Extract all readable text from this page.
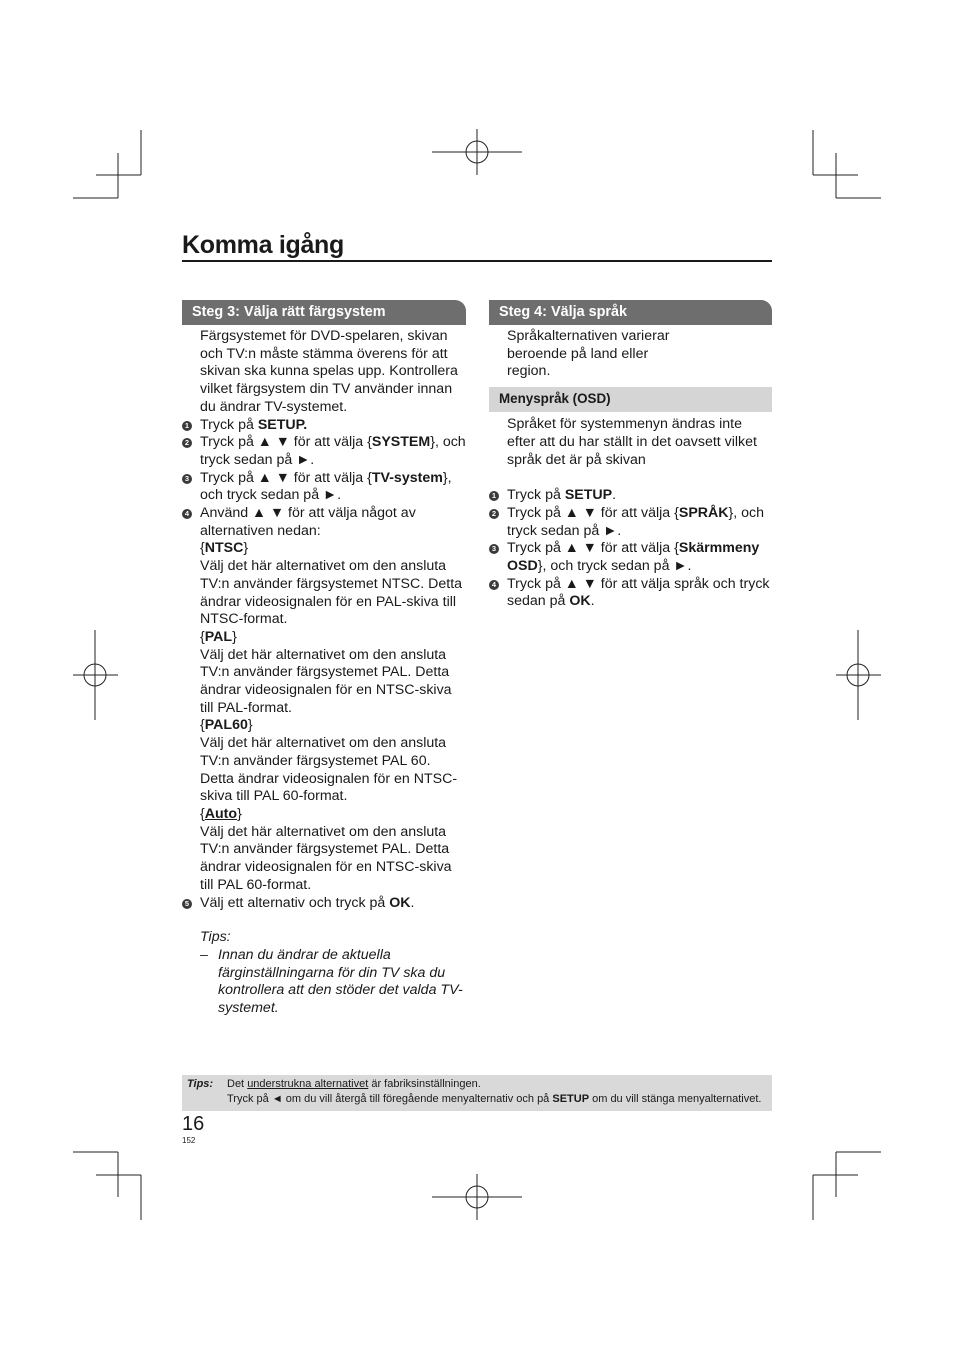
Komma igång
Steg 3: Välja rätt färgsystem
Färgsystemet för DVD-spelaren, skivan och TV:n måste stämma överens för att skivan ska kunna spelas upp. Kontrollera vilket färgsystem din TV använder innan du ändrar TV-systemet.
1 Tryck på SETUP.
2 Tryck på ▲ ▼ för att välja {SYSTEM}, och tryck sedan på ►.
3 Tryck på ▲ ▼ för att välja {TV-system}, och tryck sedan på ►.
4 Använd ▲ ▼ för att välja något av alternativen nedan:
{NTSC}
Välj det här alternativet om den ansluta TV:n använder färgsystemet NTSC. Detta ändrar videosignalen för en PAL-skiva till NTSC-format.
{PAL}
Välj det här alternativet om den ansluta TV:n använder färgsystemet PAL. Detta ändrar videosignalen för en NTSC-skiva till PAL-format.
{PAL60}
Välj det här alternativet om den ansluta TV:n använder färgsystemet PAL 60. Detta ändrar videosignalen för en NTSC-skiva till PAL 60-format.
{Auto}
Välj det här alternativet om den ansluta TV:n använder färgsystemet PAL. Detta ändrar videosignalen för en NTSC-skiva till PAL 60-format.
5 Välj ett alternativ och tryck på OK.
Tips:
– Innan du ändrar de aktuella färginställningarna för din TV ska du kontrollera att den stöder det valda TV-systemet.
Steg 4: Välja språk
Språkalternativen varierar beroende på land eller region.
Menyspråk (OSD)
Språket för systemmenyn ändras inte efter att du har ställt in det oavsett vilket språk det är på skivan
1 Tryck på SETUP.
2 Tryck på ▲ ▼ för att välja {SPRÅK}, och tryck sedan på ►.
3 Tryck på ▲ ▼ för att välja {Skärmmeny OSD}, och tryck sedan på ►.
4 Tryck på ▲ ▼ för att välja språk och tryck sedan på OK.
Tips: Det understrukna alternativet är fabriksinställningen.
Tryck på ◄ om du vill återgå till föregående menyalternativ och på SETUP om du vill stänga menyalternativet.
16
152
